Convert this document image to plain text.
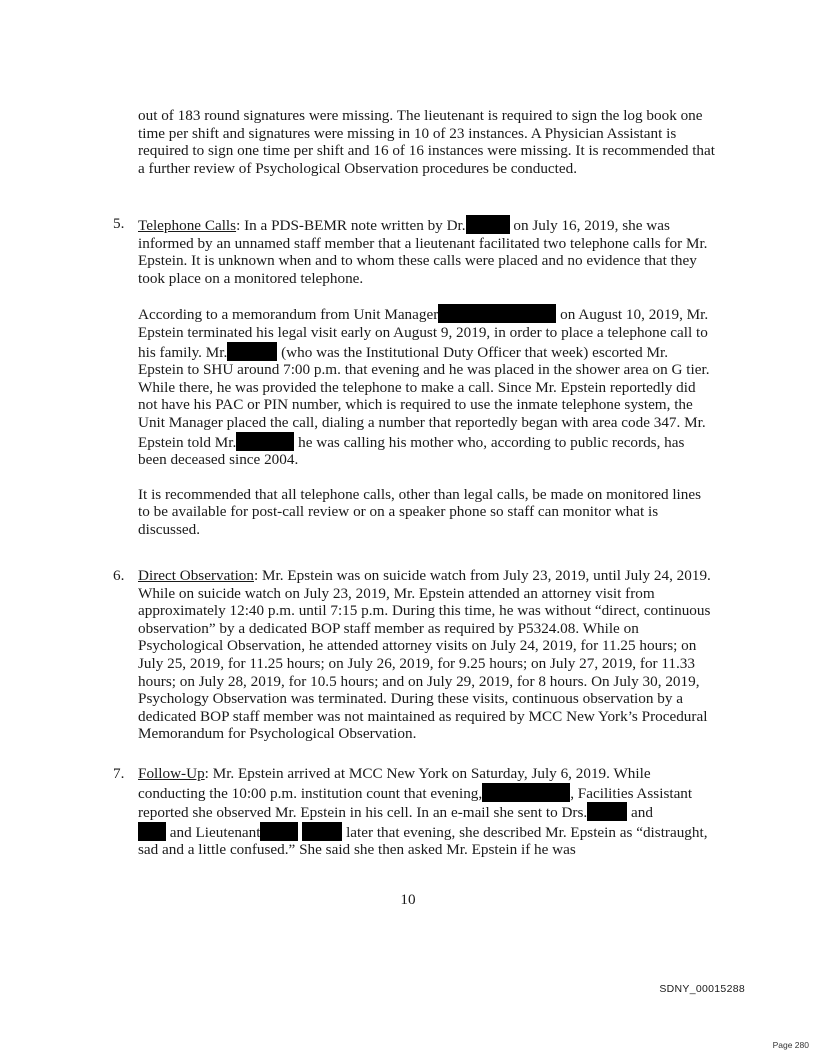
out of 183 round signatures were missing. The lieutenant is required to sign the log book one time per shift and signatures were missing in 10 of 23 instances. A Physician Assistant is required to sign one time per shift and 16 of 16 instances were missing. It is recommended that a further review of Psychological Observation procedures be conducted.

5. Telephone Calls: In a PDS-BEMR note written by Dr.	on July 16, 2019, she was informed by an unnamed staff member that a lieutenant facilitated two telephone calls for Mr. Epstein. It is unknown when and to whom these calls were placed and no evidence that they took place on a monitored telephone.

According to a memorandum from Unit Manager	on August 10, 2019, Mr. Epstein terminated his legal visit early on August 9, 2019, in order to place a telephone call to his family. Mr.	(who was the Institutional Duty Officer that week) escorted Mr. Epstein to SHU around 7:00 p.m. that evening and he was placed in the shower area on G tier. While there, he was provided the telephone to make a call. Since Mr. Epstein reportedly did not have his PAC or PIN number, which is required to use the inmate telephone system, the Unit Manager placed the call, dialing a number that reportedly began with area code 347. Mr. Epstein told Mr.	he was calling his mother who, according to public records, has been deceased since 2004.

It is recommended that all telephone calls, other than legal calls, be made on monitored lines to be available for post-call review or on a speaker phone so staff can monitor what is discussed.

6. Direct Observation: Mr. Epstein was on suicide watch from July 23, 2019, until July 24, 2019. While on suicide watch on July 23, 2019, Mr. Epstein attended an attorney visit from approximately 12:40 p.m. until 7:15 p.m. During this time, he was without “direct, continuous observation” by a dedicated BOP staff member as required by P5324.08. While on Psychological Observation, he attended attorney visits on July 24, 2019, for 11.25 hours; on July 25, 2019, for 11.25 hours; on July 26, 2019, for 9.25 hours; on July 27, 2019, for 11.33 hours; on July 28, 2019, for 10.5 hours; and on July 29, 2019, for 8 hours. On July 30, 2019, Psychology Observation was terminated. During these visits, continuous observation by a dedicated BOP staff member was not maintained as required by MCC New York’s Procedural Memorandum for Psychological Observation.

7. Follow-Up: Mr. Epstein arrived at MCC New York on Saturday, July 6, 2019. While conducting the 10:00 p.m. institution count that evening,	, Facilities Assistant reported she observed Mr. Epstein in his cell. In an e-mail she sent to Drs.	and
and Lieutenant	later that evening, she described Mr. Epstein as “distraught, sad and a little confused.” She said she then asked Mr. Epstein if he was

10
SDNY_00015288
Page 280
